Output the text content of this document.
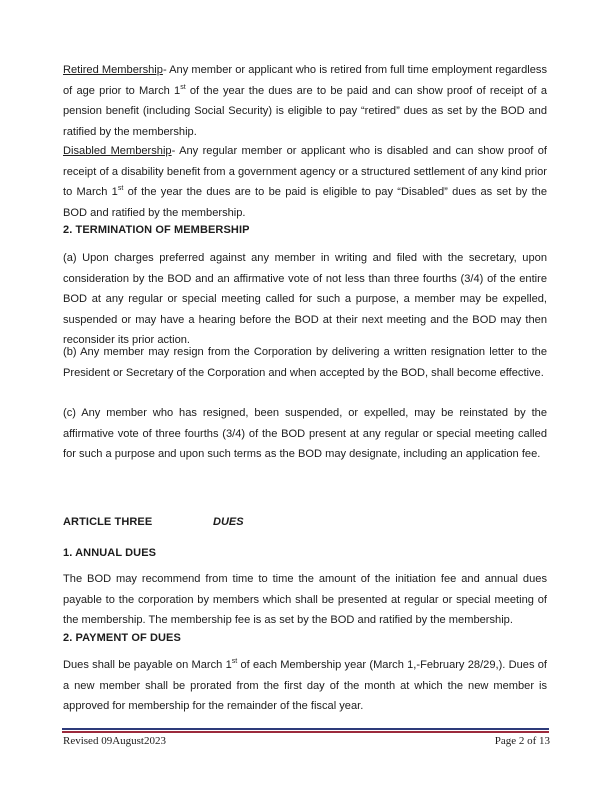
Retired Membership- Any member or applicant who is retired from full time employment regardless of age prior to March 1st of the year the dues are to be paid and can show proof of receipt of a pension benefit (including Social Security) is eligible to pay “retired” dues as set by the BOD and ratified by the membership.

Disabled Membership- Any regular member or applicant who is disabled and can show proof of receipt of a disability benefit from a government agency or a structured settlement of any kind prior to March 1st of the year the dues are to be paid is eligible to pay “Disabled” dues as set by the BOD and ratified by the membership.

2. TERMINATION OF MEMBERSHIP

(a) Upon charges preferred against any member in writing and filed with the secretary, upon consideration by the BOD and an affirmative vote of not less than three fourths (3/4) of the entire BOD at any regular or special meeting called for such a purpose, a member may be expelled, suspended or may have a hearing before the BOD at their next meeting and the BOD may then reconsider its prior action.

(b) Any member may resign from the Corporation by delivering a written resignation letter to the President or Secretary of the Corporation and when accepted by the BOD, shall become effective.

(c) Any member who has resigned, been suspended, or expelled, may be reinstated by the affirmative vote of three fourths (3/4) of the BOD present at any regular or special meeting called for such a purpose and upon such terms as the BOD may designate, including an application fee.

ARTICLE THREE	DUES

1. ANNUAL DUES

The BOD may recommend from time to time the amount of the initiation fee and annual dues payable to the corporation by members which shall be presented at regular or special meeting of the membership. The membership fee is as set by the BOD and ratified by the membership.

2. PAYMENT OF DUES

Dues shall be payable on March 1st of each Membership year (March 1,-February 28/29,). Dues of a new member shall be prorated from the first day of the month at which the new member is approved for membership for the remainder of the fiscal year.

Revised 09August2023	Page 2 of 13
